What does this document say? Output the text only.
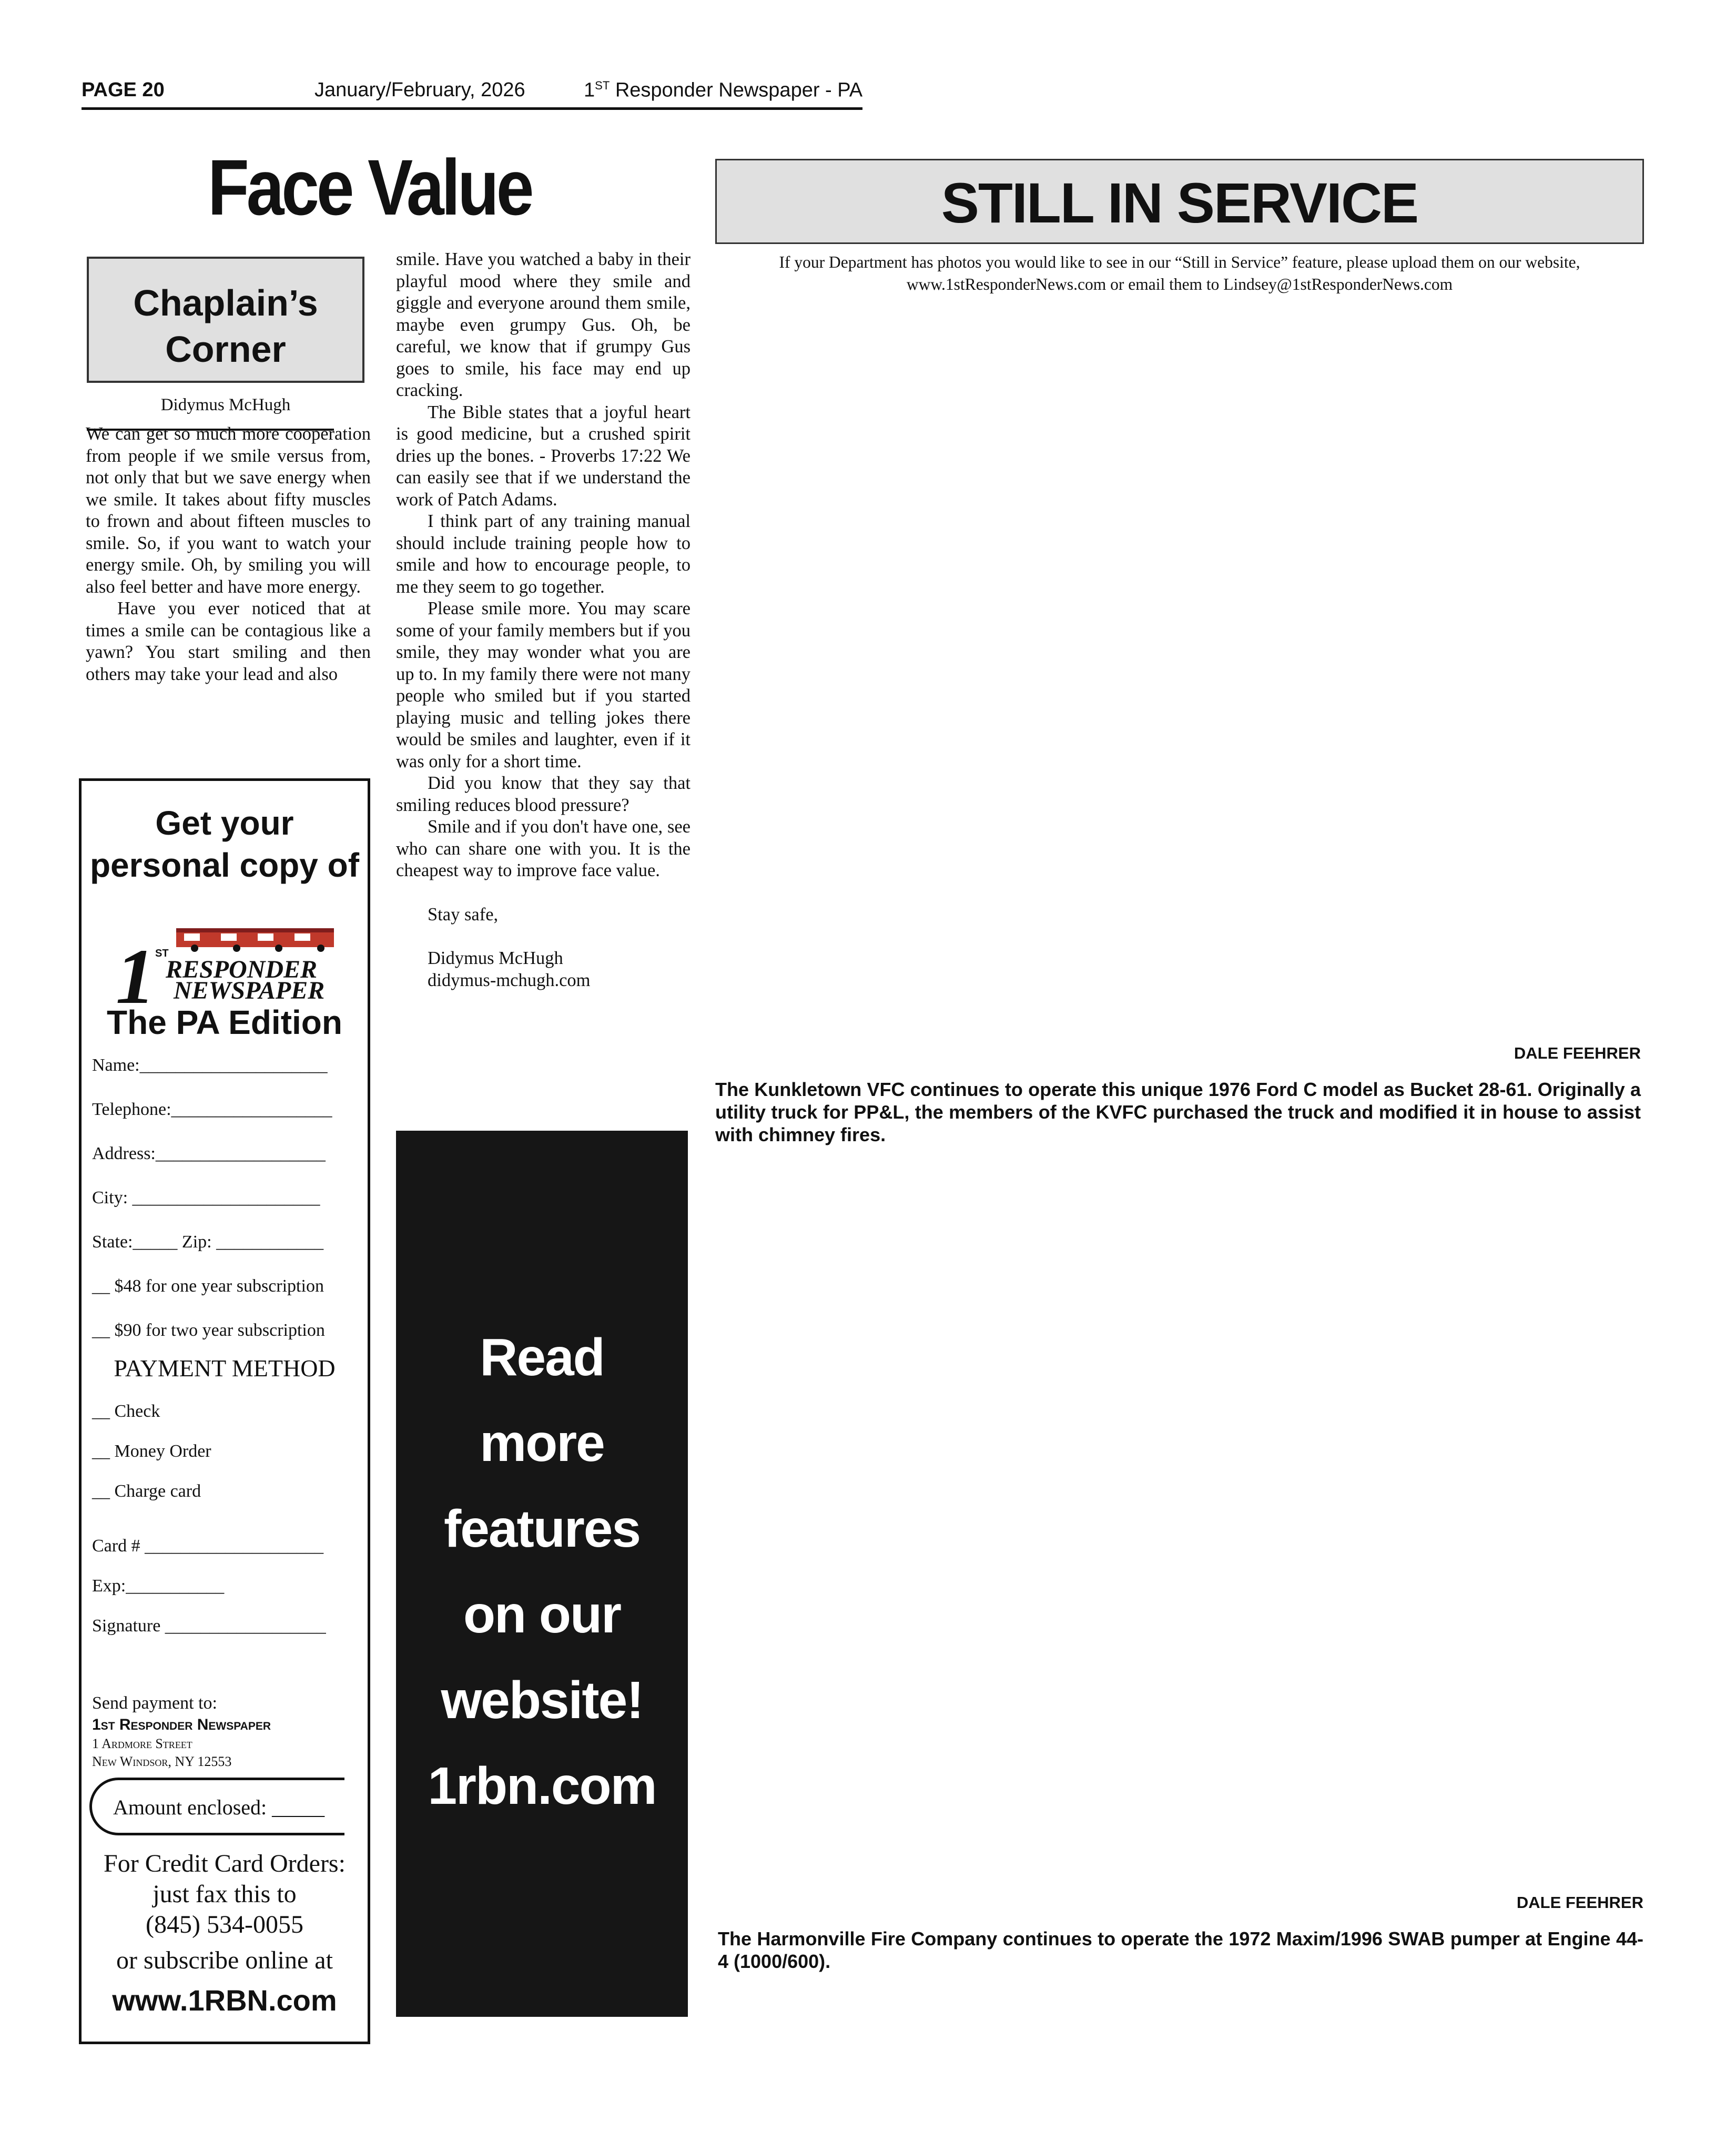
PAGE 20	January/February, 2026	1ST Responder Newspaper - PA
Face Value
Chaplain’s
Corner
Didymus McHugh

We can get so much more cooperation from people if we smile versus from, not only that but we save energy when we smile. It takes about fifty muscles to frown and about fifteen muscles to smile. So, if you want to watch your energy smile. Oh, by smiling you will also feel better and have more energy.

Have you ever noticed that at times a smile can be contagious like a yawn? You start smiling and then others may take your lead and also

smile. Have you watched a baby in their playful mood where they smile and giggle and everyone around them smile, maybe even grumpy Gus. Oh, be careful, we know that if grumpy Gus goes to smile, his face may end up cracking.

The Bible states that a joyful heart is good medicine, but a crushed spirit dries up the bones. - Proverbs 17:22 We can easily see that if we understand the work of Patch Adams.

I think part of any training manual should include training people how to smile and how to encourage people, to me they seem to go together.

Please smile more. You may scare some of your family members but if you smile, they may wonder what you are up to. In my family there were not many people who smiled but if you started playing music and telling jokes there would be smiles and laughter, even if it was only for a short time.

Did you know that they say that smiling reduces blood pressure?

Smile and if you don't have one, see who can share one with you. It is the cheapest way to improve face value.

Stay safe,

Didymus McHugh

didymus-mchugh.com

Get your
personal copy of
1 ST
RESPONDER
NEWSPAPER
The PA Edition
Name:_____________________
Telephone:__________________
Address:___________________
City: _____________________
State:_____ Zip: ____________
__ $48 for one year subscription
__ $90 for two year subscription
PAYMENT METHOD
__ Check
__ Money Order
__ Charge card
Card # ____________________
Exp:___________
Signature __________________
Send payment to:
1st Responder Newspaper
1 Ardmore Street
New Windsor, NY 12553
Amount enclosed: _____
For Credit Card Orders:
just fax this to
(845) 534-0055
or subscribe online at
www.1RBN.com
Read
more
features
on our
website!
1rbn.com
STILL IN SERVICE
If your Department has photos you would like to see in our “Still in Service” feature, please upload them on our website,
www.1stResponderNews.com or email them to Lindsey@1stResponderNews.com
DALE FEEHRER
The Kunkletown VFC continues to operate this unique 1976 Ford C model as Bucket 28-61. Originally a utility truck for PP&L, the members of the KVFC purchased the truck and modified it in house to assist with chimney fires.
DALE FEEHRER
The Harmonville Fire Company continues to operate the 1972 Maxim/1996 SWAB pumper at Engine 44-4 (1000/600).
